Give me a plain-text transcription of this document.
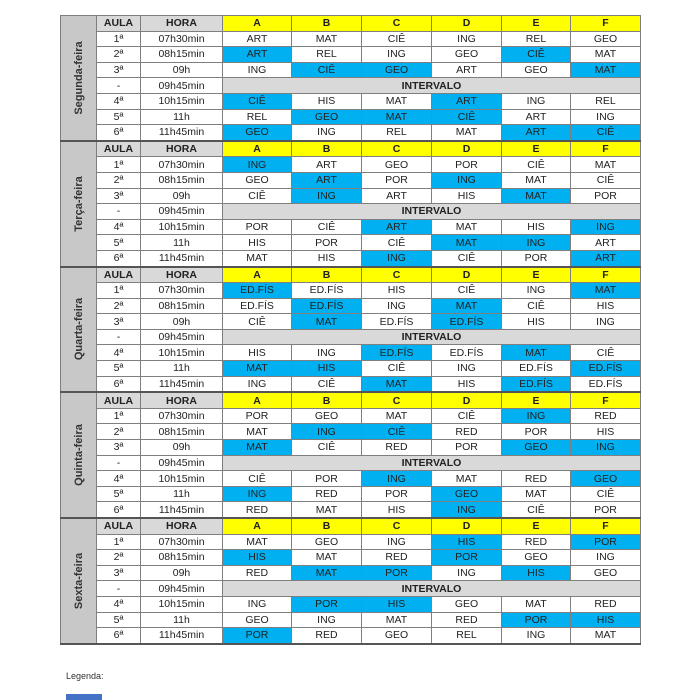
Segunda-feira	AULA	HORA	A	B	C	D	E	F
	1ª	07h30min	ART	MAT	CIÊ	ING	REL	GEO
	2ª	08h15min	ART	REL	ING	GEO	CIÊ	MAT
	3ª	09h	ING	CIÊ	GEO	ART	GEO	MAT
	-	09h45min	INTERVALO					
	4ª	10h15min	CIÊ	HIS	MAT	ART	ING	REL
	5ª	11h	REL	GEO	MAT	CIÊ	ART	ING
	6ª	11h45min	GEO	ING	REL	MAT	ART	CIÊ

Terça-feira	AULA	HORA	A	B	C	D	E	F
	1ª	07h30min	ING	ART	GEO	POR	CIÊ	MAT
	2ª	08h15min	GEO	ART	POR	ING	MAT	CIÊ
	3ª	09h	CIÊ	ING	ART	HIS	MAT	POR
	-	09h45min	INTERVALO					
	4ª	10h15min	POR	CIÊ	ART	MAT	HIS	ING
	5ª	11h	HIS	POR	CIÊ	MAT	ING	ART
	6ª	11h45min	MAT	HIS	ING	CIÊ	POR	ART

Quarta-feira	AULA	HORA	A	B	C	D	E	F
	1ª	07h30min	ED.FÍS	ED.FÍS	HIS	CIÊ	ING	MAT
	2ª	08h15min	ED.FÍS	ED.FÍS	ING	MAT	CIÊ	HIS
	3ª	09h	CIÊ	MAT	ED.FÍS	ED.FÍS	HIS	ING
	-	09h45min	INTERVALO					
	4ª	10h15min	HIS	ING	ED.FÍS	ED.FÍS	MAT	CIÊ
	5ª	11h	MAT	HIS	CIÊ	ING	ED.FÍS	ED.FÍS
	6ª	11h45min	ING	CIÊ	MAT	HIS	ED.FÍS	ED.FÍS

Quinta-feira	AULA	HORA	A	B	C	D	E	F
	1ª	07h30min	POR	GEO	MAT	CIÊ	ING	RED
	2ª	08h15min	MAT	ING	CIÊ	RED	POR	HIS
	3ª	09h	MAT	CIÊ	RED	POR	GEO	ING
	-	09h45min	INTERVALO					
	4ª	10h15min	CIÊ	POR	ING	MAT	RED	GEO
	5ª	11h	ING	RED	POR	GEO	MAT	CIÊ
	6ª	11h45min	RED	MAT	HIS	ING	CIÊ	POR

Sexta-feira	AULA	HORA	A	B	C	D	E	F
	1ª	07h30min	MAT	GEO	ING	HIS	RED	POR
	2ª	08h15min	HIS	MAT	RED	POR	GEO	ING
	3ª	09h	RED	MAT	POR	ING	HIS	GEO
	-	09h45min	INTERVALO					
	4ª	10h15min	ING	POR	HIS	GEO	MAT	RED
	5ª	11h	GEO	ING	MAT	RED	POR	HIS
	6ª	11h45min	POR	RED	GEO	REL	ING	MAT
Legenda:
